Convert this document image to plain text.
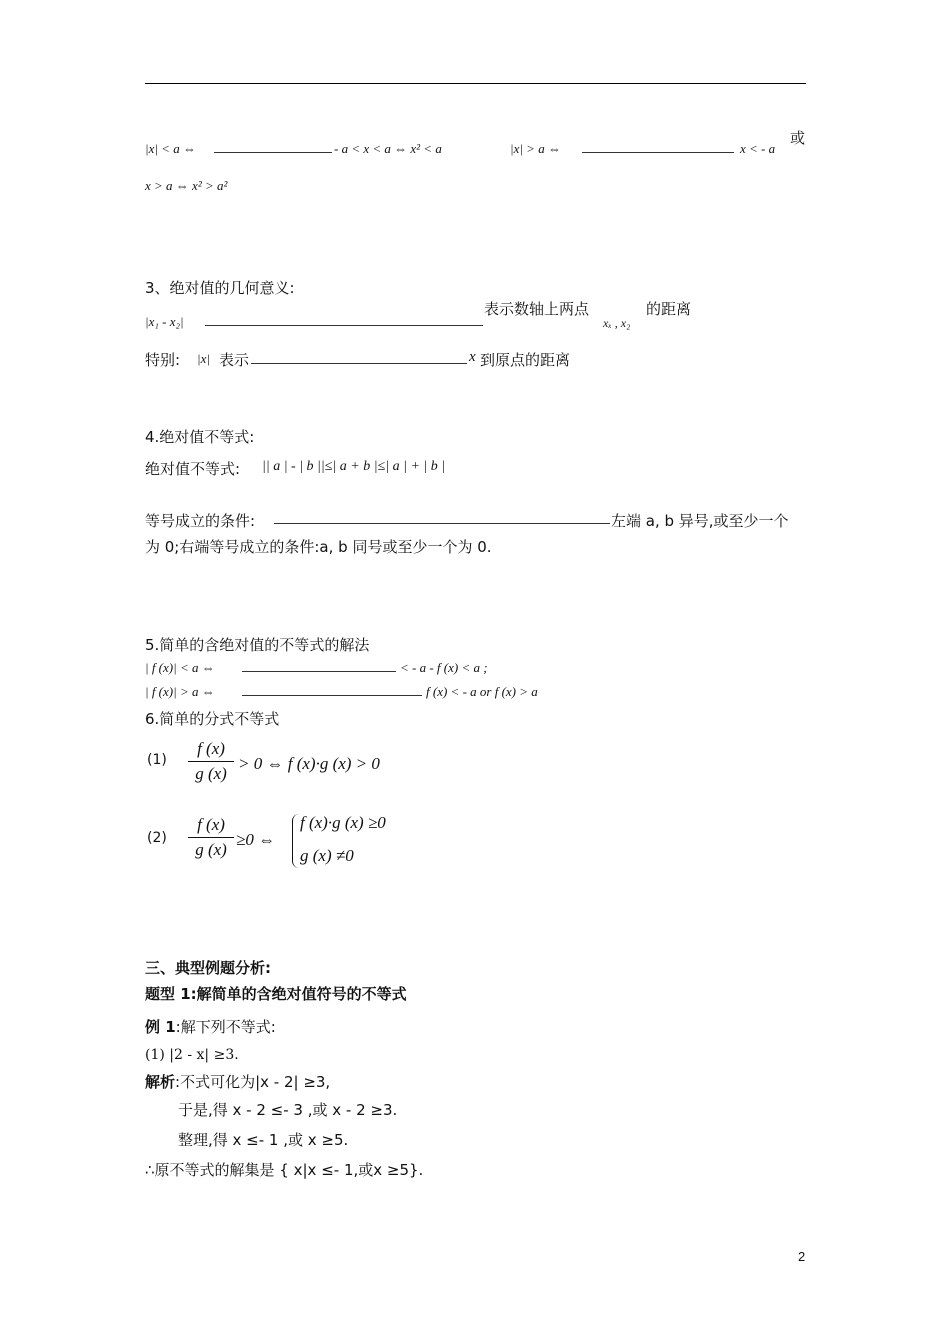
|x| < a ⇔	- a < x < a ⇔ x² < a	|x| > a ⇔	x < - a
或
x > a ⇔ x² > a²
3、绝对值的几何意义:
|x₁ - x₂|
表示数轴上两点
xₓ , x₂
的距离
特别: |x| 表示	x 到原点的距离
4.绝对值不等式:
绝对值不等式: || a | - | b ||≤| a + b |≤| a | + | b |
等号成立的条件:	左端 a, b 异号,或至少一个
为 0;右端等号成立的条件:a, b 同号或至少一个为 0.
5.简单的含绝对值的不等式的解法
| f (x)| < a ⇔	< - a - f (x) < a ;
| f (x)| > a ⇔	f (x) < - a or f (x) > a
6.简单的分式不等式
(1)
f (x)
g (x)
> 0 ⇔ f (x)·g (x) > 0
(2)
f (x)
g (x)
≥0 ⇔
f (x)·g (x) ≥0
g (x) ≠0
三、典型例题分析:
题型 1:解简单的含绝对值符号的不等式
例 1:解下列不等式:
(1) |2 - x| ≥3.
解析:不式可化为|x - 2| ≥3,
于是,得 x - 2 ≤- 3 ,或 x - 2 ≥3.
整理,得 x ≤- 1 ,或 x ≥5.
∴原不等式的解集是 { x|x ≤- 1,或x ≥5}.
2
